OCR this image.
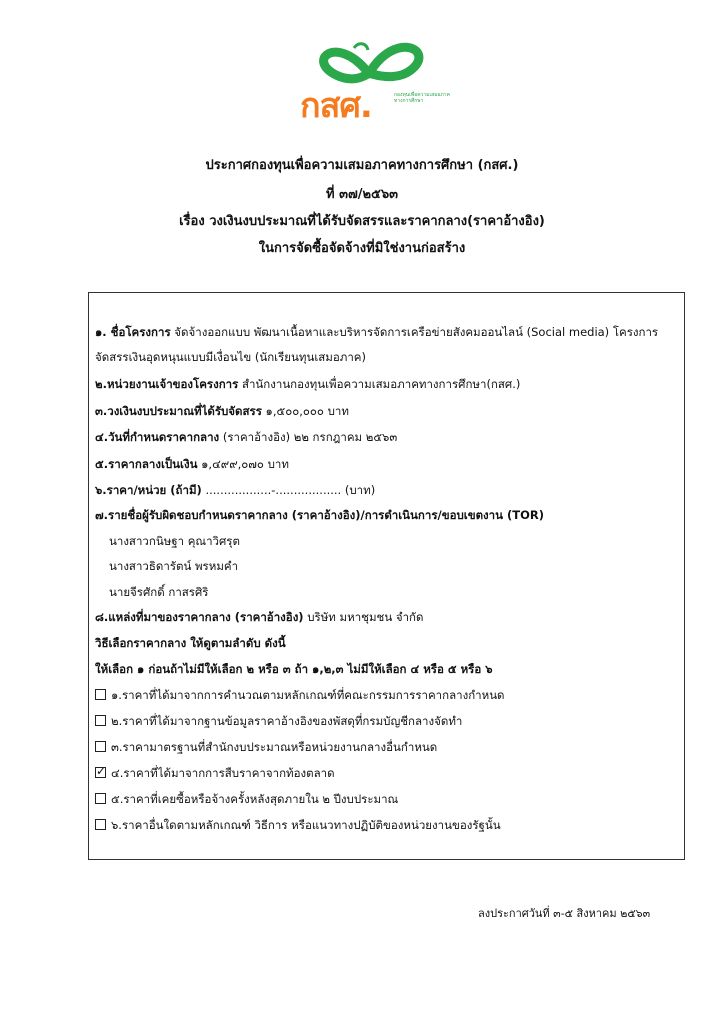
กสศ.	กองทุนเพื่อความเสมอภาคทางการศึกษา
ประกาศกองทุนเพื่อความเสมอภาคทางการศึกษา (กสศ.)
ที่ ๓๗/๒๕๖๓
เรื่อง วงเงินงบประมาณที่ได้รับจัดสรรและราคากลาง(ราคาอ้างอิง)
ในการจัดซื้อจัดจ้างที่มิใช่งานก่อสร้าง
๑. ชื่อโครงการ จัดจ้างออกแบบ พัฒนาเนื้อหาและบริหารจัดการเครือข่ายสังคมออนไลน์ (Social media) โครงการ
จัดสรรเงินอุดหนุนแบบมีเงื่อนไข (นักเรียนทุนเสมอภาค)
๒.หน่วยงานเจ้าของโครงการ สำนักงานกองทุนเพื่อความเสมอภาคทางการศึกษา(กสศ.)
๓.วงเงินงบประมาณที่ได้รับจัดสรร ๑,๕๐๐,๐๐๐ บาท
๔.วันที่กำหนดราคากลาง (ราคาอ้างอิง) ๒๒ กรกฎาคม ๒๕๖๓
๕.ราคากลางเป็นเงิน ๑,๔๙๙,๐๗๐ บาท
๖.ราคา/หน่วย (ถ้ามี) ..................-.................. (บาท)
๗.รายชื่อผู้รับผิดชอบกำหนดราคากลาง (ราคาอ้างอิง)/การดำเนินการ/ขอบเขตงาน (TOR)
นางสาวกนิษฐา คุณาวิศรุต
นางสาวธิดารัตน์ พรหมคำ
นายจีรศักดิ์ กาสรศิริ
๘.แหล่งที่มาของราคากลาง (ราคาอ้างอิง) บริษัท มหาชุมชน จำกัด
วิธีเลือกราคากลาง ให้ดูตามลำดับ ดังนี้
ให้เลือก ๑ ก่อนถ้าไม่มีให้เลือก ๒ หรือ ๓ ถ้า ๑,๒,๓ ไม่มีให้เลือก ๔ หรือ ๕ หรือ ๖
๑.ราคาที่ได้มาจากการคำนวณตามหลักเกณฑ์ที่คณะกรรมการราคากลางกำหนด
๒.ราคาที่ได้มาจากฐานข้อมูลราคาอ้างอิงของพัสดุที่กรมบัญชีกลางจัดทำ
๓.ราคามาตรฐานที่สำนักงบประมาณหรือหน่วยงานกลางอื่นกำหนด
✓๔.ราคาที่ได้มาจากการสืบราคาจากท้องตลาด
๕.ราคาที่เคยซื้อหรือจ้างครั้งหลังสุดภายใน ๒ ปีงบประมาณ
๖.ราคาอื่นใดตามหลักเกณฑ์ วิธีการ หรือแนวทางปฏิบัติของหน่วยงานของรัฐนั้น
ลงประกาศวันที่ ๓-๕ สิงหาคม ๒๕๖๓
